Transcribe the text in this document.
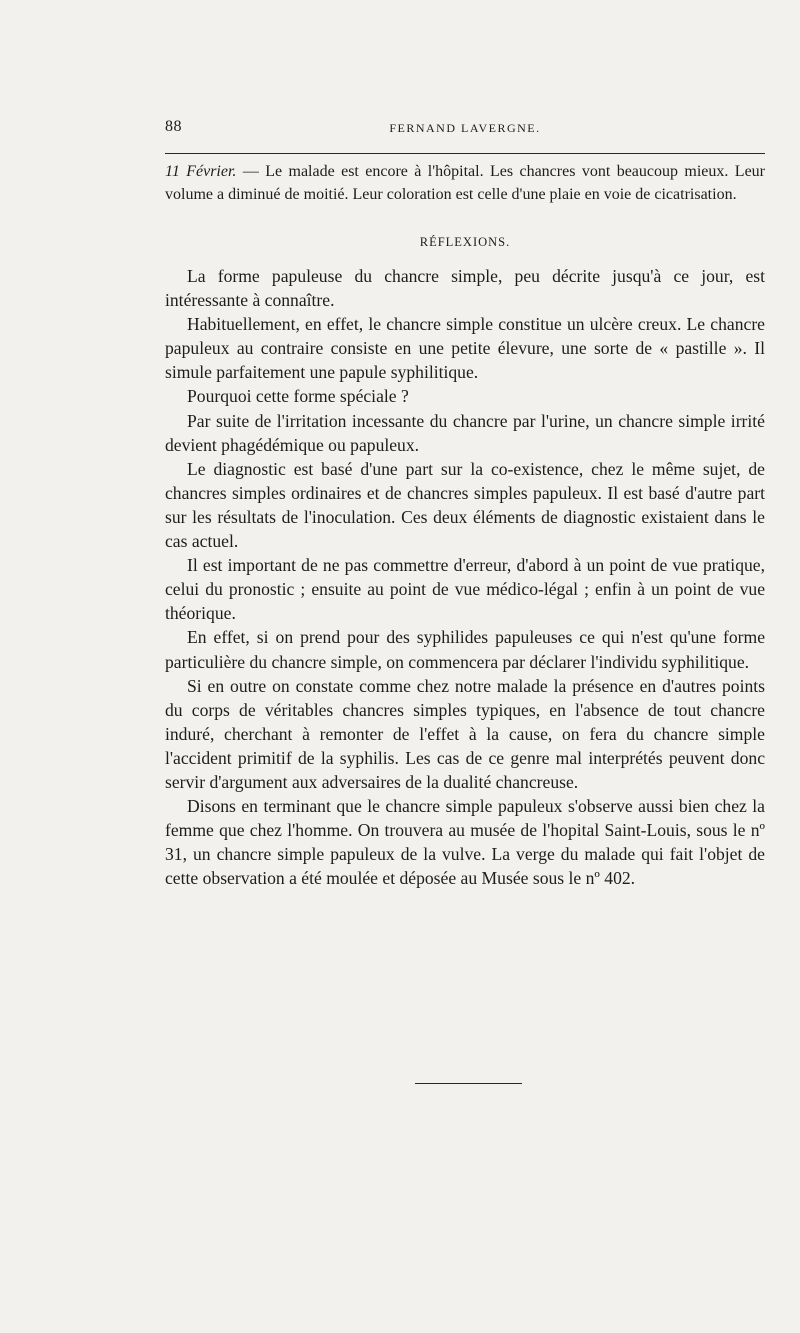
88	FERNAND LAVERGNE.

11 Février. — Le malade est encore à l'hôpital. Les chancres vont beaucoup mieux. Leur volume a diminué de moitié. Leur coloration est celle d'une plaie en voie de cicatrisation.

RÉFLEXIONS.

La forme papuleuse du chancre simple, peu décrite jusqu'à ce jour, est intéressante à connaître.

Habituellement, en effet, le chancre simple constitue un ulcère creux. Le chancre papuleux au contraire consiste en une petite élevure, une sorte de « pastille ». Il simule parfaitement une papule syphilitique.

Pourquoi cette forme spéciale ?

Par suite de l'irritation incessante du chancre par l'urine, un chancre simple irrité devient phagédémique ou papuleux.

Le diagnostic est basé d'une part sur la co-existence, chez le même sujet, de chancres simples ordinaires et de chancres simples papuleux. Il est basé d'autre part sur les résultats de l'inoculation. Ces deux éléments de diagnostic existaient dans le cas actuel.

Il est important de ne pas commettre d'erreur, d'abord à un point de vue pratique, celui du pronostic ; ensuite au point de vue médico-légal ; enfin à un point de vue théorique.

En effet, si on prend pour des syphilides papuleuses ce qui n'est qu'une forme particulière du chancre simple, on commencera par déclarer l'individu syphilitique.

Si en outre on constate comme chez notre malade la présence en d'autres points du corps de véritables chancres simples typiques, en l'absence de tout chancre induré, cherchant à remonter de l'effet à la cause, on fera du chancre simple l'accident primitif de la syphilis. Les cas de ce genre mal interprétés peuvent donc servir d'argument aux adversaires de la dualité chancreuse.

Disons en terminant que le chancre simple papuleux s'observe aussi bien chez la femme que chez l'homme. On trouvera au musée de l'hopital Saint-Louis, sous le nº 31, un chancre simple papuleux de la vulve. La verge du malade qui fait l'objet de cette observation a été moulée et déposée au Musée sous le nº 402.
